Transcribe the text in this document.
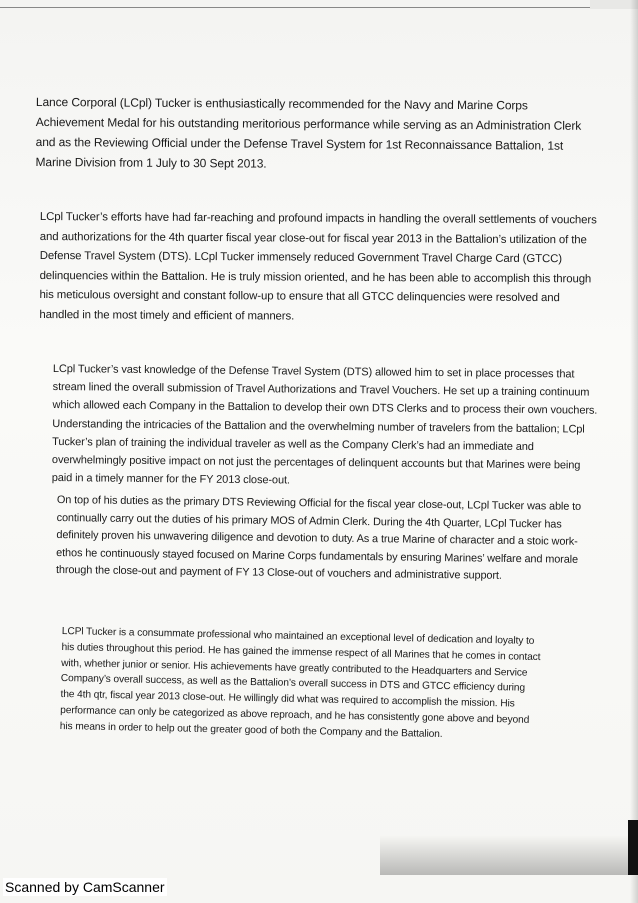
Lance Corporal (LCpl) Tucker is enthusiastically recommended for the Navy and Marine Corps Achievement Medal for his outstanding meritorious performance while serving as an Administration Clerk and as the Reviewing Official under the Defense Travel System for 1st Reconnaissance Battalion, 1st Marine Division from 1 July to 30 Sept 2013.

LCpl Tucker’s efforts have had far-reaching and profound impacts in handling the overall settlements of vouchers and authorizations for the 4th quarter fiscal year close-out for fiscal year 2013 in the Battalion’s utilization of the Defense Travel System (DTS). LCpl Tucker immensely reduced Government Travel Charge Card (GTCC) delinquencies within the Battalion. He is truly mission oriented, and he has been able to accomplish this through his meticulous oversight and constant follow-up to ensure that all GTCC delinquencies were resolved and handled in the most timely and efficient of manners.

LCpl Tucker’s vast knowledge of the Defense Travel System (DTS) allowed him to set in place processes that stream lined the overall submission of Travel Authorizations and Travel Vouchers. He set up a training continuum which allowed each Company in the Battalion to develop their own DTS Clerks and to process their own vouchers. Understanding the intricacies of the Battalion and the overwhelming number of travelers from the battalion; LCpl Tucker’s plan of training the individual traveler as well as the Company Clerk’s had an immediate and overwhelmingly positive impact on not just the percentages of delinquent accounts but that Marines were being paid in a timely manner for the FY 2013 close-out.

On top of his duties as the primary DTS Reviewing Official for the fiscal year close-out, LCpl Tucker was able to continually carry out the duties of his primary MOS of Admin Clerk. During the 4th Quarter, LCpl Tucker has definitely proven his unwavering diligence and devotion to duty. As a true Marine of character and a stoic work-ethos he continuously stayed focused on Marine Corps fundamentals by ensuring Marines’ welfare and morale through the close-out and payment of FY 13 Close-out of vouchers and administrative support.

LCPl Tucker is a consummate professional who maintained an exceptional level of dedication and loyalty to his duties throughout this period. He has gained the immense respect of all Marines that he comes in contact with, whether junior or senior. His achievements have greatly contributed to the Headquarters and Service Company’s overall success, as well as the Battalion’s overall success in DTS and GTCC efficiency during the 4th qtr, fiscal year 2013 close-out. He willingly did what was required to accomplish the mission. His performance can only be categorized as above reproach, and he has consistently gone above and beyond his means in order to help out the greater good of both the Company and the Battalion.

Scanned by CamScanner
